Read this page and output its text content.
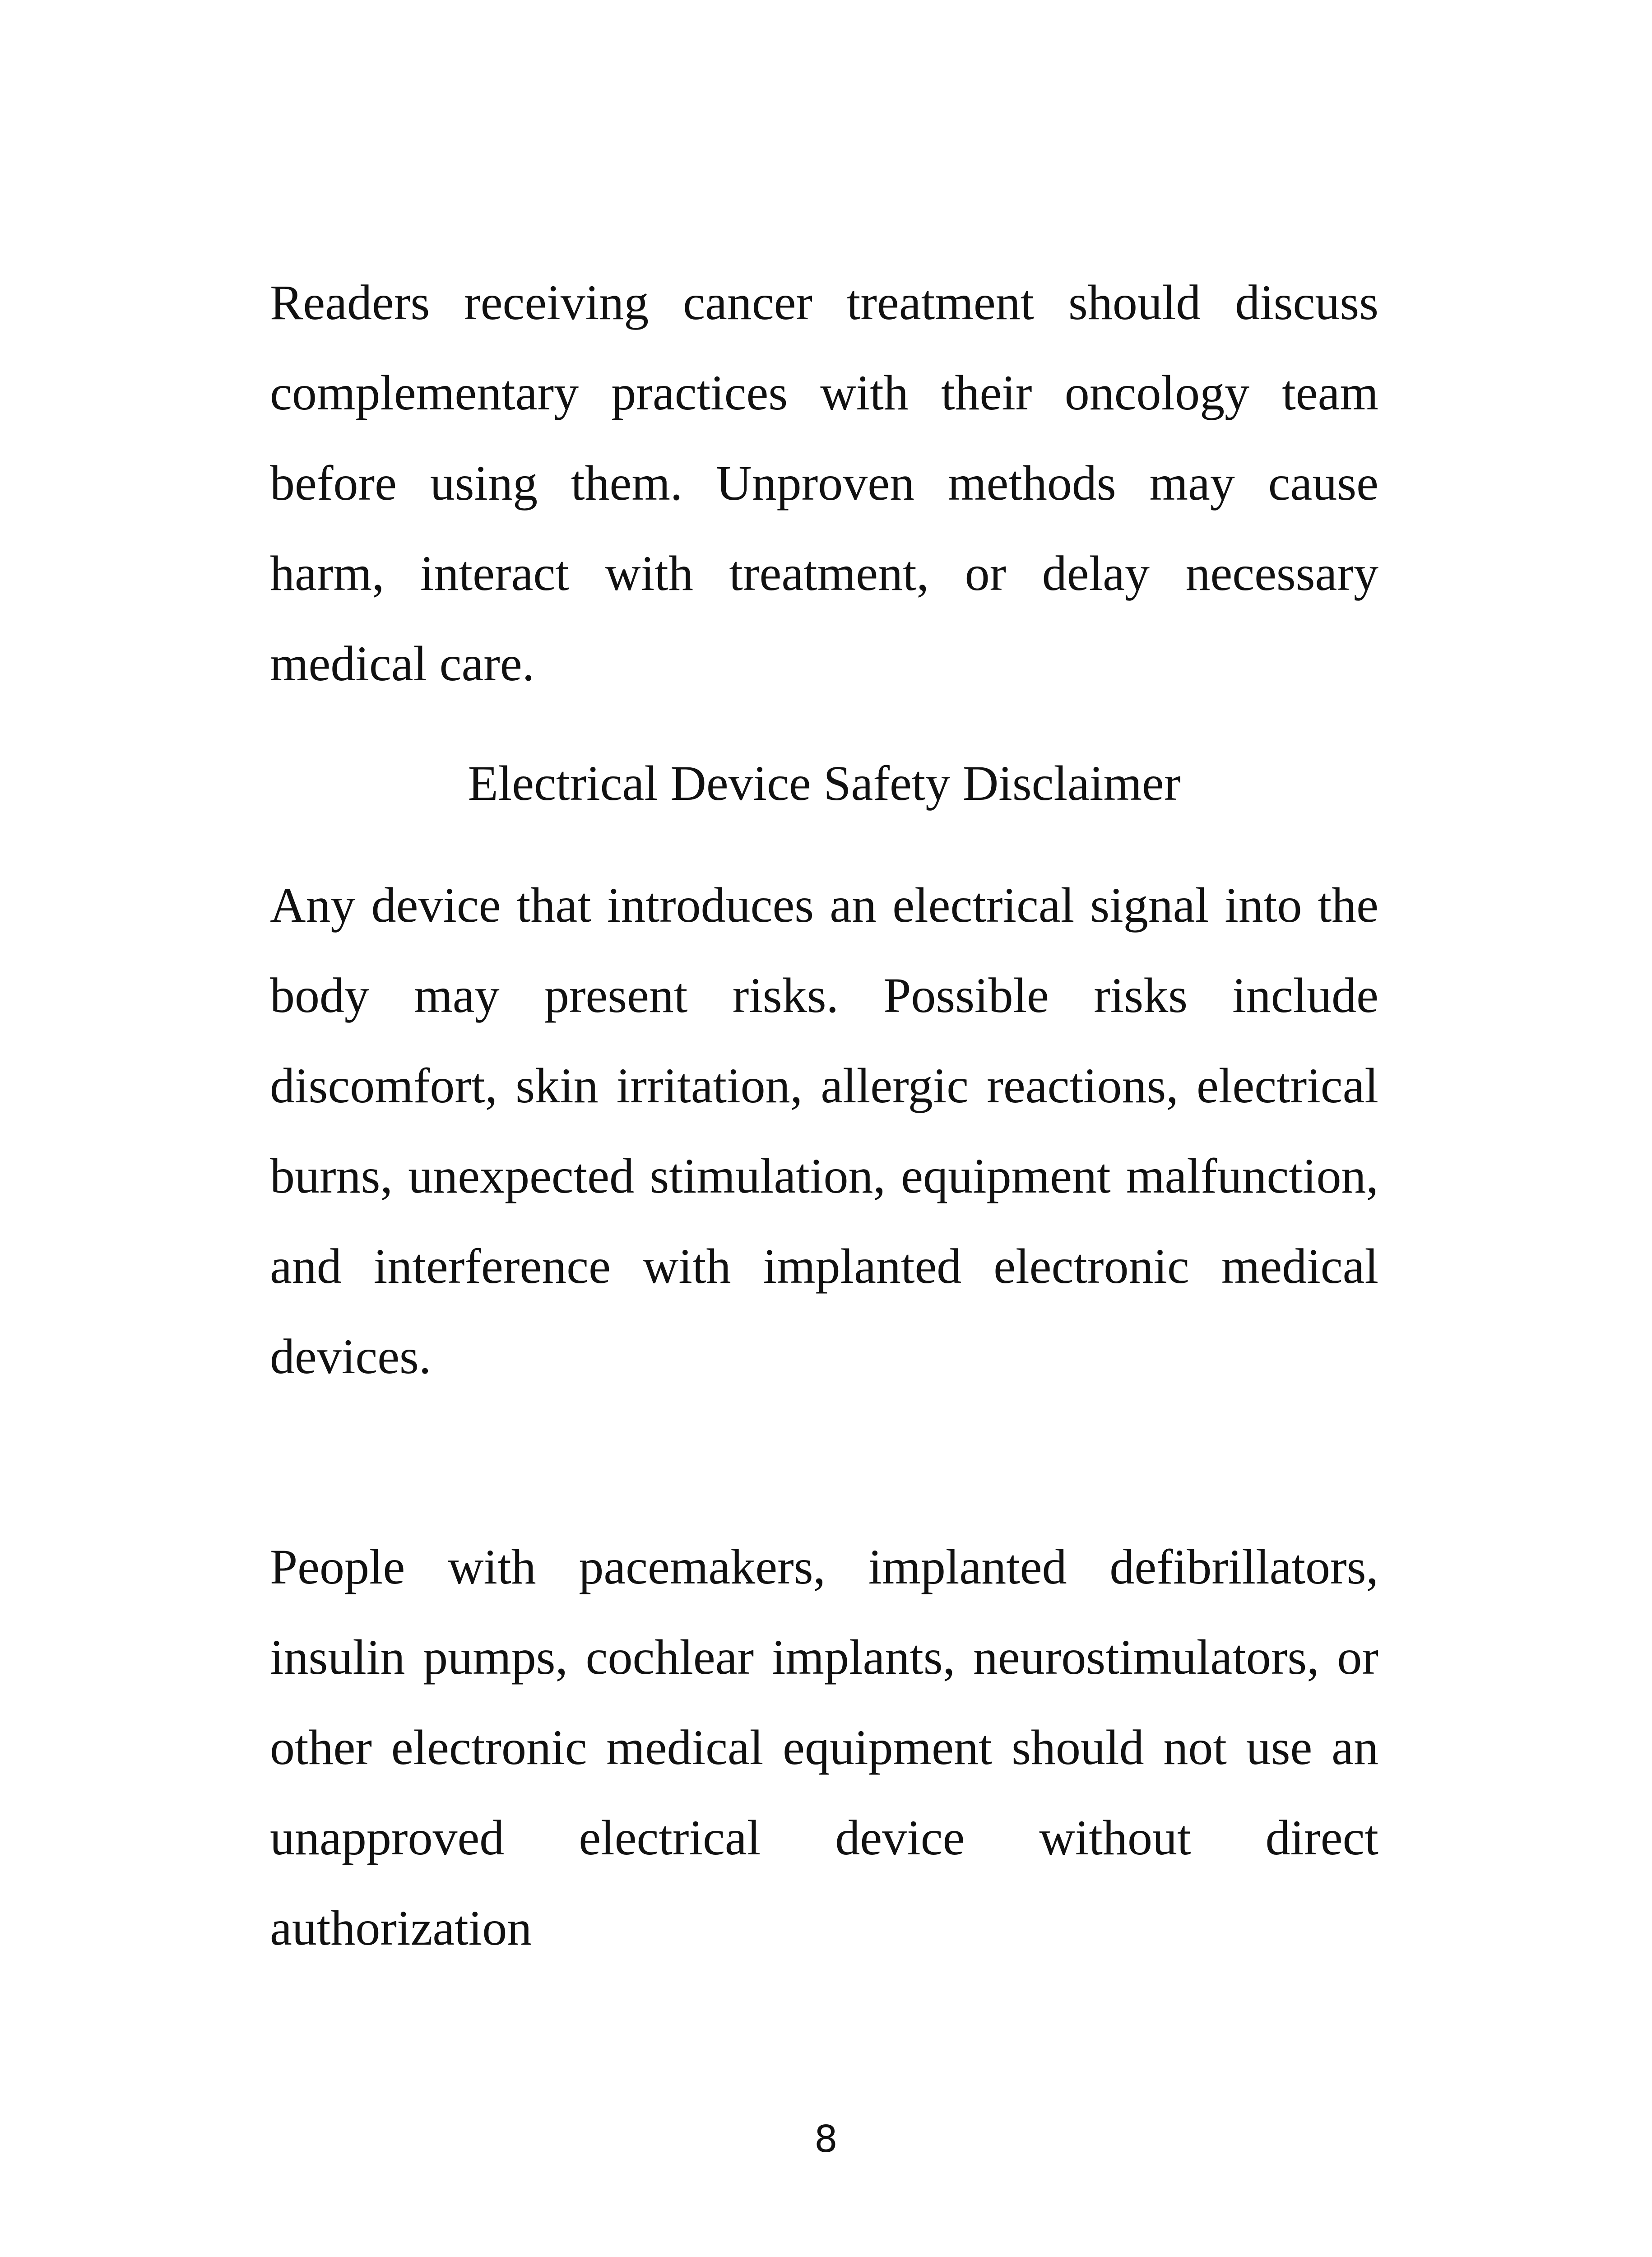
Readers receiving cancer treatment should discuss complementary practices with their oncology team before using them. Unproven methods may cause harm, interact with treatment, or delay necessary medical care.

Electrical Device Safety Disclaimer

Any device that introduces an electrical signal into the body may present risks. Possible risks include discomfort, skin irritation, allergic reactions, electrical burns, unexpected stimulation, equipment malfunction, and interference with implanted electronic medical devices.

People with pacemakers, implanted defibrillators, insulin pumps, cochlear implants, neurostimulators, or other electronic medical equipment should not use an unapproved electrical device without direct authorization

8
